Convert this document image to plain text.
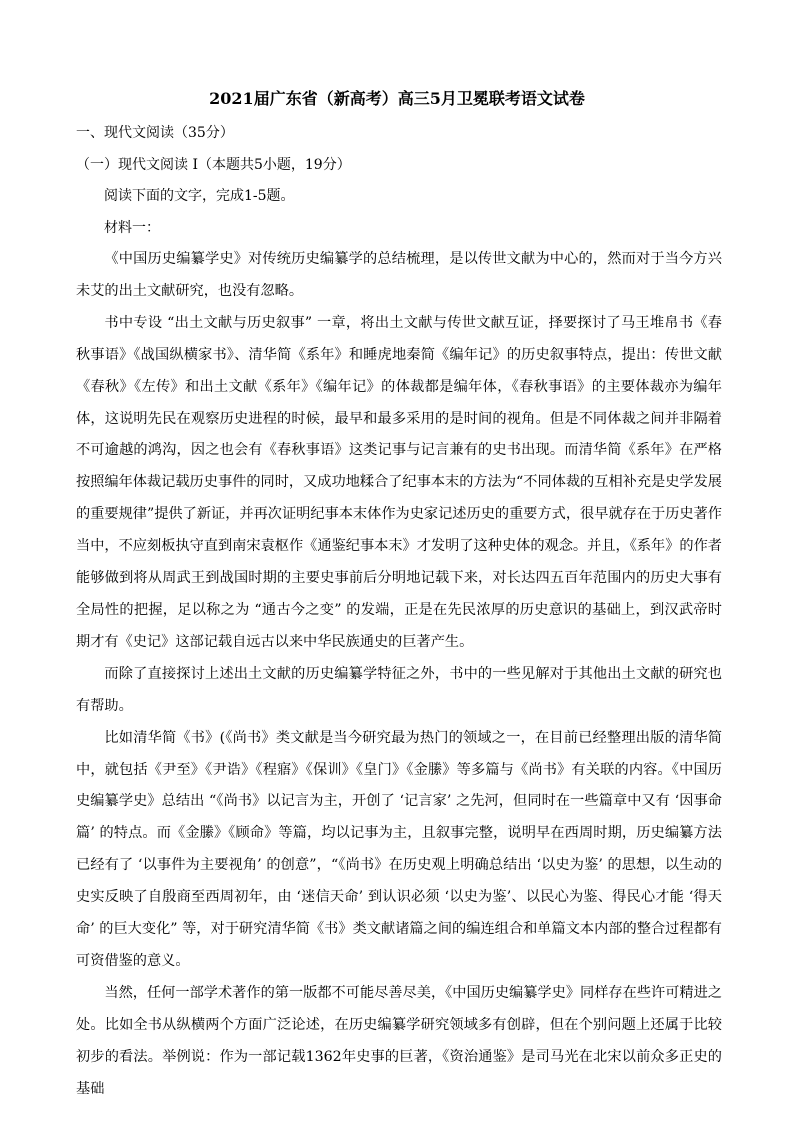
2021届广东省（新高考）高三5月卫冕联考语文试卷
一、现代文阅读（35分）
（一）现代文阅读 I（本题共5小题，19分）
阅读下面的文字，完成1-5题。
材料一：

《中国历史编纂学史》对传统历史编纂学的总结梳理，是以传世文献为中心的，然而对于当今方兴未艾的出土文献研究，也没有忽略。

书中专设 “出土文献与历史叙事” 一章，将出土文献与传世文献互证，择要探讨了马王堆帛书《春秋事语》《战国纵横家书》、清华简《系年》和睡虎地秦简《编年记》的历史叙事特点，提出：传世文献《春秋》《左传》和出土文献《系年》《编年记》的体裁都是编年体，《春秋事语》的主要体裁亦为编年体，这说明先民在观察历史进程的时候，最早和最多采用的是时间的视角。但是不同体裁之间并非隔着不可逾越的鸿沟，因之也会有《春秋事语》这类记事与记言兼有的史书出现。而清华简《系年》在严格按照编年体裁记载历史事件的同时，又成功地糅合了纪事本末的方法为“不同体裁的互相补充是史学发展的重要规律”提供了新证，并再次证明纪事本末体作为史家记述历史的重要方式，很早就存在于历史著作当中，不应刻板执守直到南宋袁枢作《通鉴纪事本末》才发明了这种史体的观念。并且，《系年》的作者能够做到将从周武王到战国时期的主要史事前后分明地记载下来，对长达四五百年范围内的历史大事有全局性的把握，足以称之为 “通古今之变” 的发端，正是在先民浓厚的历史意识的基础上，到汉武帝时期才有《史记》这部记载自远古以来中华民族通史的巨著产生。

而除了直接探讨上述出土文献的历史编纂学特征之外，书中的一些见解对于其他出土文献的研究也有帮助。

比如清华简《书》(《尚书》类文献是当今研究最为热门的领域之一，在目前已经整理出版的清华简中，就包括《尹至》《尹诰》《程寤》《保训》《皇门》《金縢》等多篇与《尚书》有关联的内容。《中国历史编纂学史》总结出 “《尚书》以记言为主，开创了 ‘记言家’ 之先河，但同时在一些篇章中又有 ‘因事命篇’ 的特点。而《金縢》《顾命》等篇，均以记事为主，且叙事完整，说明早在西周时期，历史编纂方法已经有了 ‘以事件为主要视角’ 的创意”，“《尚书》在历史观上明确总结出 ‘以史为鉴’ 的思想，以生动的史实反映了自殷商至西周初年，由 ‘迷信天命’ 到认识必须 ‘以史为鉴’、以民心为鉴、得民心才能 ‘得天命’ 的巨大变化” 等，对于研究清华简《书》类文献诸篇之间的编连组合和单篇文本内部的整合过程都有可资借鉴的意义。

当然，任何一部学术著作的第一版都不可能尽善尽美，《中国历史编纂学史》同样存在些许可精进之处。比如全书从纵横两个方面广泛论述，在历史编纂学研究领域多有创辟，但在个别问题上还属于比较初步的看法。举例说：作为一部记载1362年史事的巨著，《资治通鉴》是司马光在北宋以前众多正史的基础
